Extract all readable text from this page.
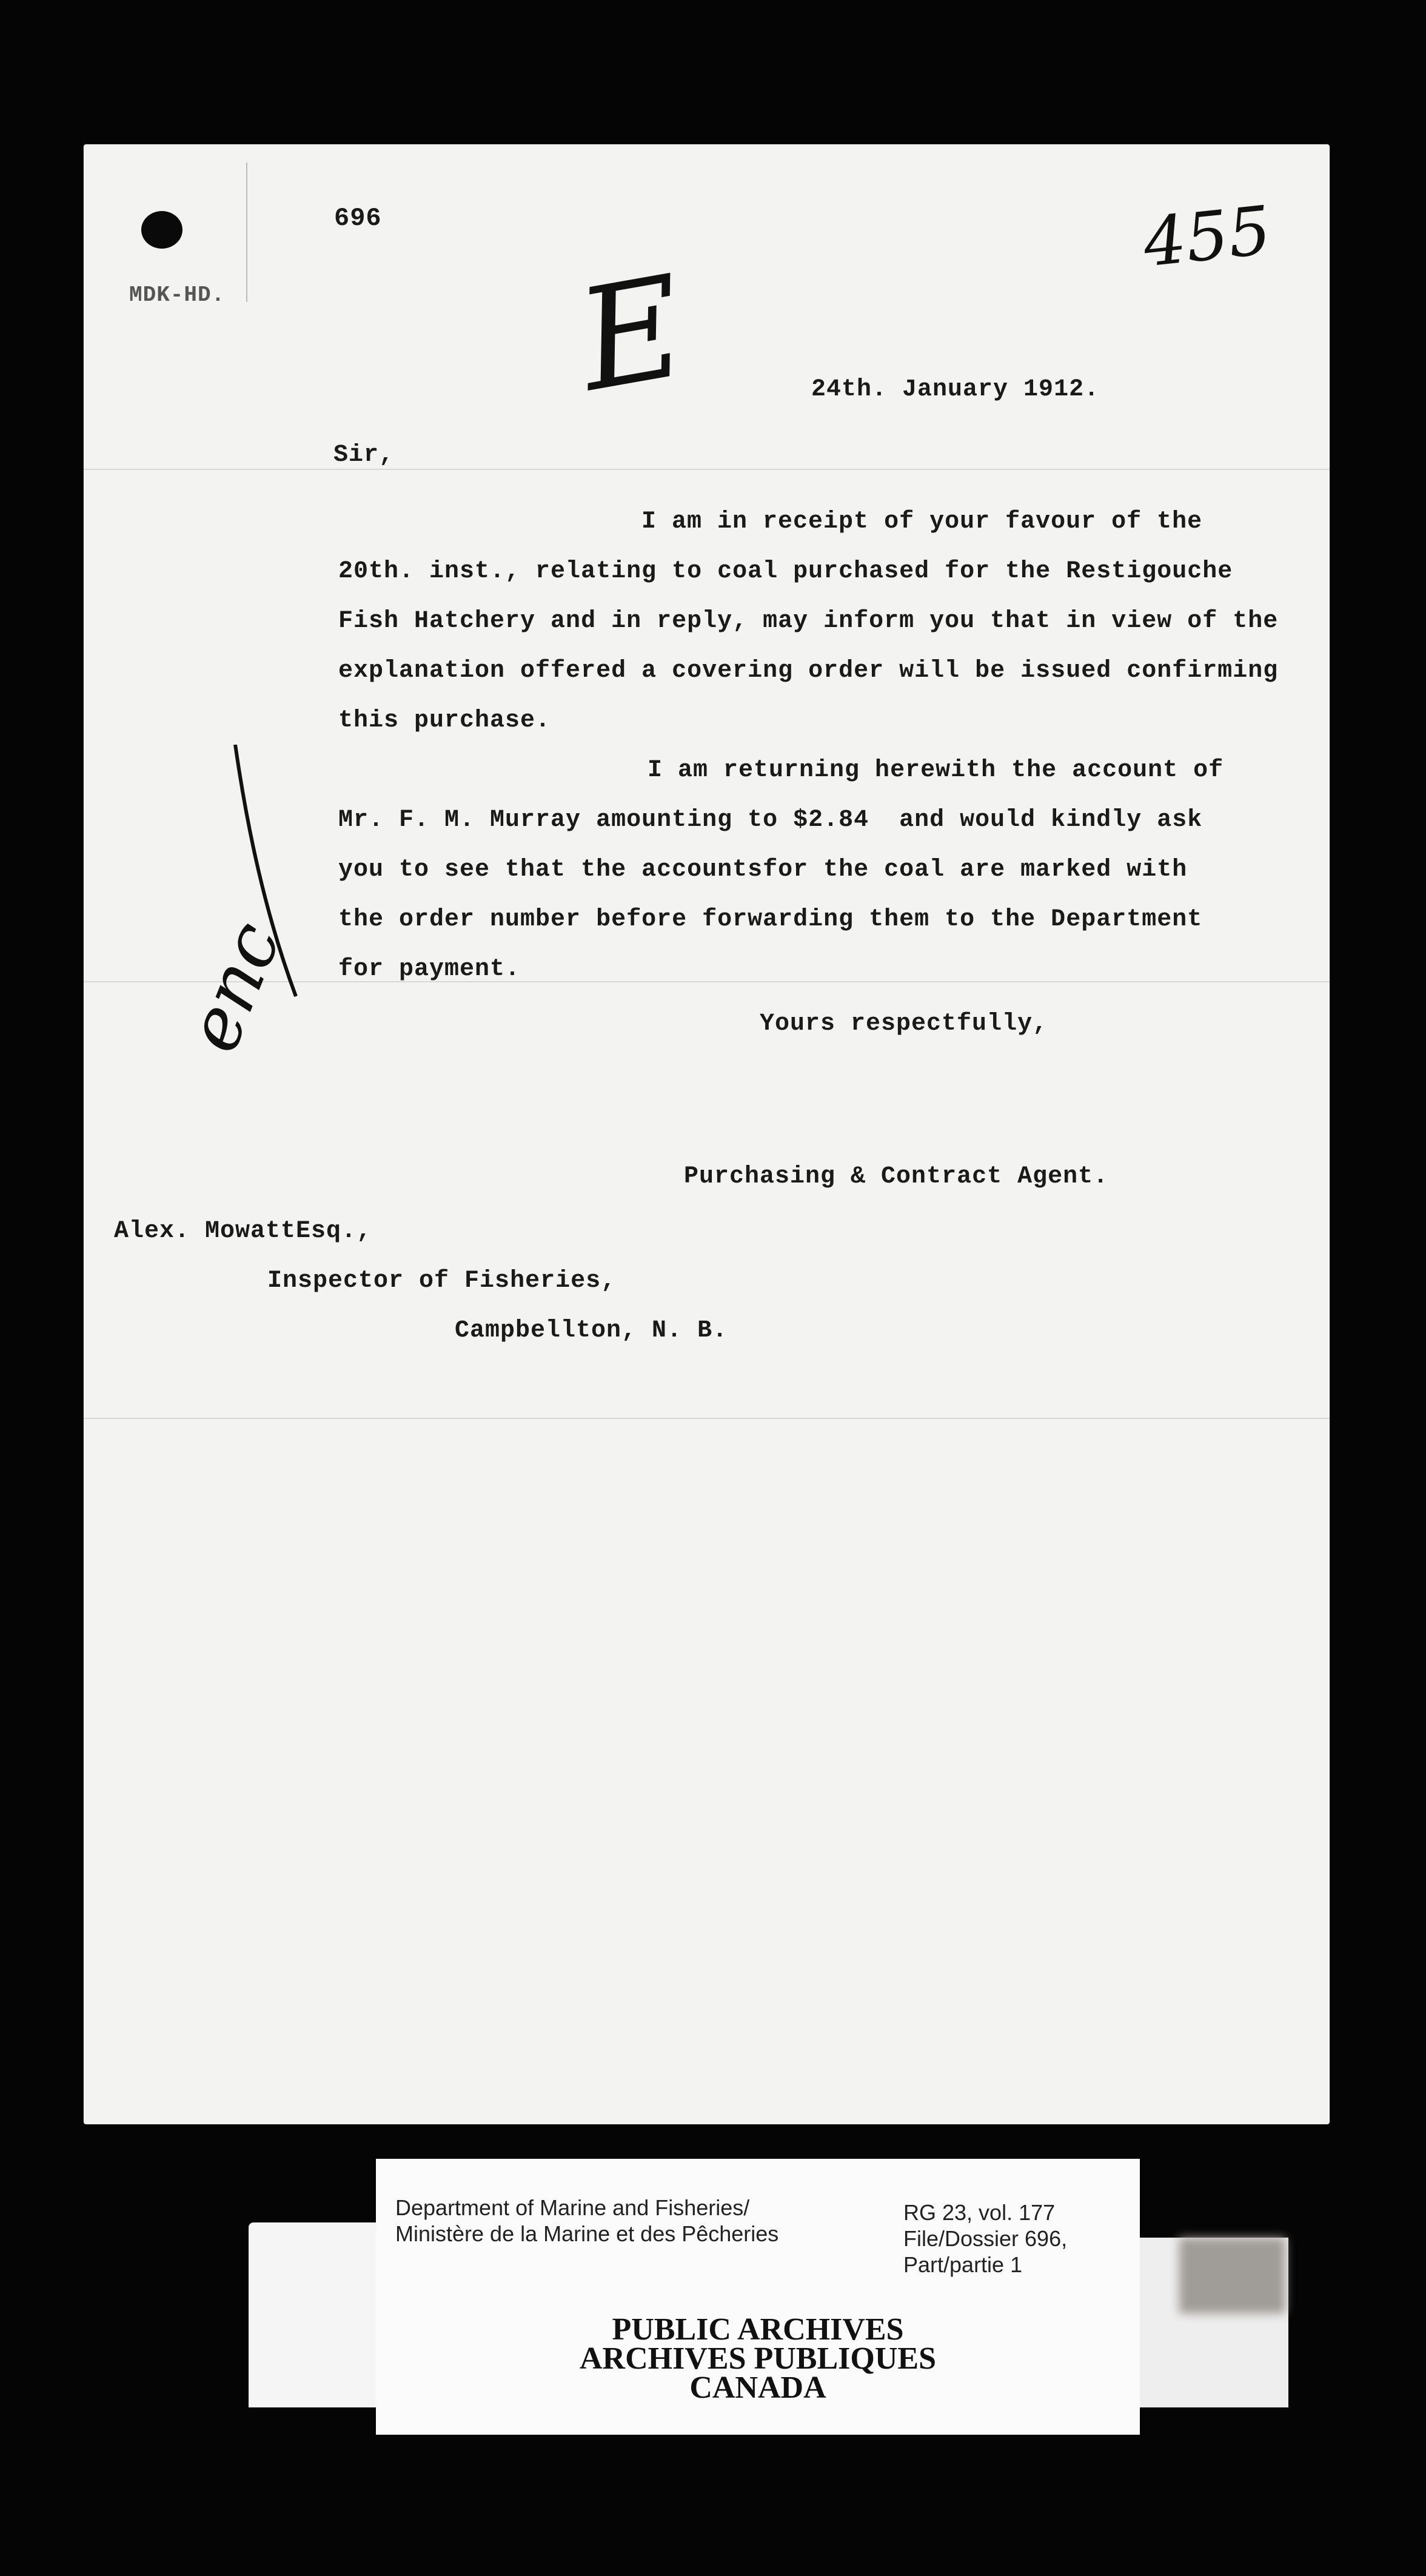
696
MDK-HD.
455
E	24th. January 1912.
Sir,
I am in receipt of your favour of the
20th. inst., relating to coal purchased for the Restigouche
Fish Hatchery and in reply, may inform you that in view of the
explanation offered a covering order will be issued confirming
this purchase.
I am returning herewith the account of
Mr. F. M. Murray amounting to $2.84  and would kindly ask
you to see that the accountsfor the coal are marked with
the order number before forwarding them to the Department
for payment.
enc	Yours respectfully,
Purchasing & Contract Agent.
Alex. MowattEsq.,
Inspector of Fisheries,
Campbellton, N. B.
Department of Marine and Fisheries/
Ministère de la Marine et des Pêcheries
RG 23, vol. 177
File/Dossier 696,
Part/partie 1
PUBLIC ARCHIVES
ARCHIVES PUBLIQUES
CANADA
